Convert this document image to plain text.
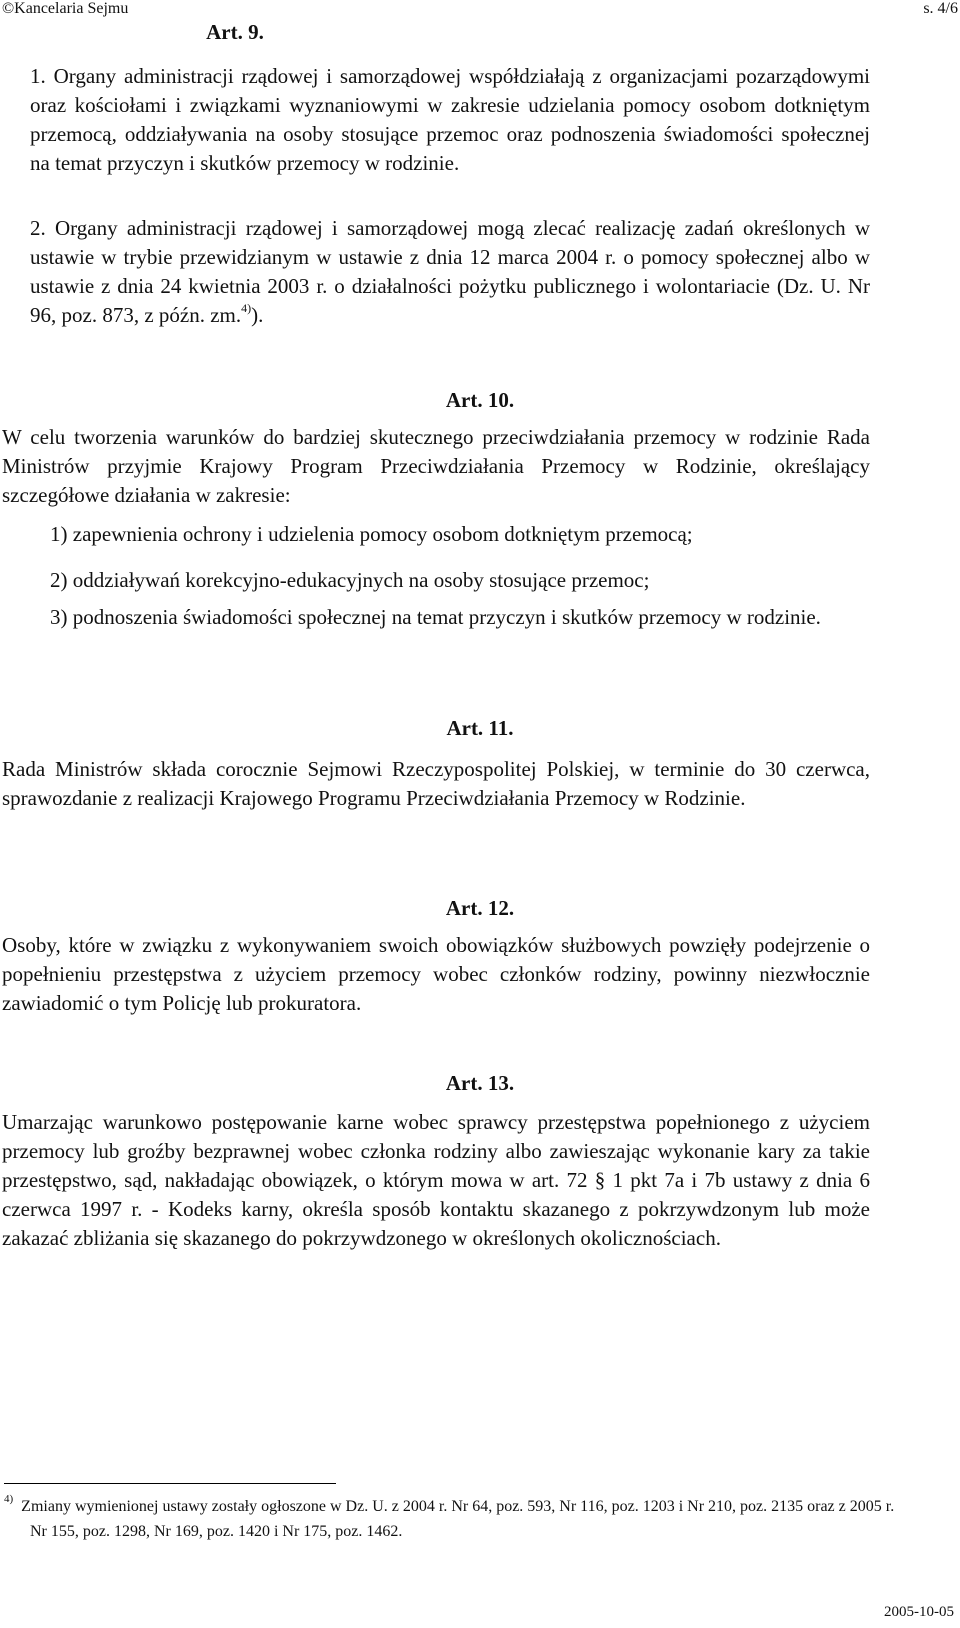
©Kancelaria Sejmu	s. 4/6
Art. 9.
1. Organy administracji rządowej i samorządowej współdziałają z organizacjami pozarządowymi oraz kościołami i związkami wyznaniowymi w zakresie udzielania pomocy osobom dotkniętym przemocą, oddziaływania na osoby stosujące przemoc oraz podnoszenia świadomości społecznej na temat przyczyn i skutków przemocy w rodzinie.
2. Organy administracji rządowej i samorządowej mogą zlecać realizację zadań określonych w ustawie w trybie przewidzianym w ustawie z dnia 12 marca 2004 r. o pomocy społecznej albo w ustawie z dnia 24 kwietnia 2003 r. o działalności pożytku publicznego i wolontariacie (Dz. U. Nr 96, poz. 873, z późn. zm.$^{4)}$).
Art. 10.
W celu tworzenia warunków do bardziej skutecznego przeciwdziałania przemocy w rodzinie Rada Ministrów przyjmie Krajowy Program Przeciwdziałania Przemocy w Rodzinie, określający szczegółowe działania w zakresie:
1) zapewnienia ochrony i udzielenia pomocy osobom dotkniętym przemocą;
2) oddziaływań korekcyjno-edukacyjnych na osoby stosujące przemoc;
3) podnoszenia świadomości społecznej na temat przyczyn i skutków przemocy w rodzinie.
Art. 11.
Rada Ministrów składa corocznie Sejmowi Rzeczypospolitej Polskiej, w terminie do 30 czerwca, sprawozdanie z realizacji Krajowego Programu Przeciwdziałania Przemocy w Rodzinie.
Art. 12.
Osoby, które w związku z wykonywaniem swoich obowiązków służbowych powzięły podejrzenie o popełnieniu przestępstwa z użyciem przemocy wobec członków rodziny, powinny niezwłocznie zawiadomić o tym Policję lub prokuratora.
Art. 13.
Umarzając warunkowo postępowanie karne wobec sprawcy przestępstwa popełnionego z użyciem przemocy lub groźby bezprawnej wobec członka rodziny albo zawieszając wykonanie kary za takie przestępstwo, sąd, nakładając obowiązek, o którym mowa w art. 72 § 1 pkt 7a i 7b ustawy z dnia 6 czerwca 1997 r. - Kodeks karny, określa sposób kontaktu skazanego z pokrzywdzonym lub może zakazać zbliżania się skazanego do pokrzywdzonego w określonych okolicznościach.
$^{4)}$ Zmiany wymienionej ustawy zostały ogłoszone w Dz. U. z 2004 r. Nr 64, poz. 593, Nr 116, poz. 1203 i Nr 210, poz. 2135 oraz z 2005 r. Nr 155, poz. 1298, Nr 169, poz. 1420 i Nr 175, poz. 1462.
2005-10-05
